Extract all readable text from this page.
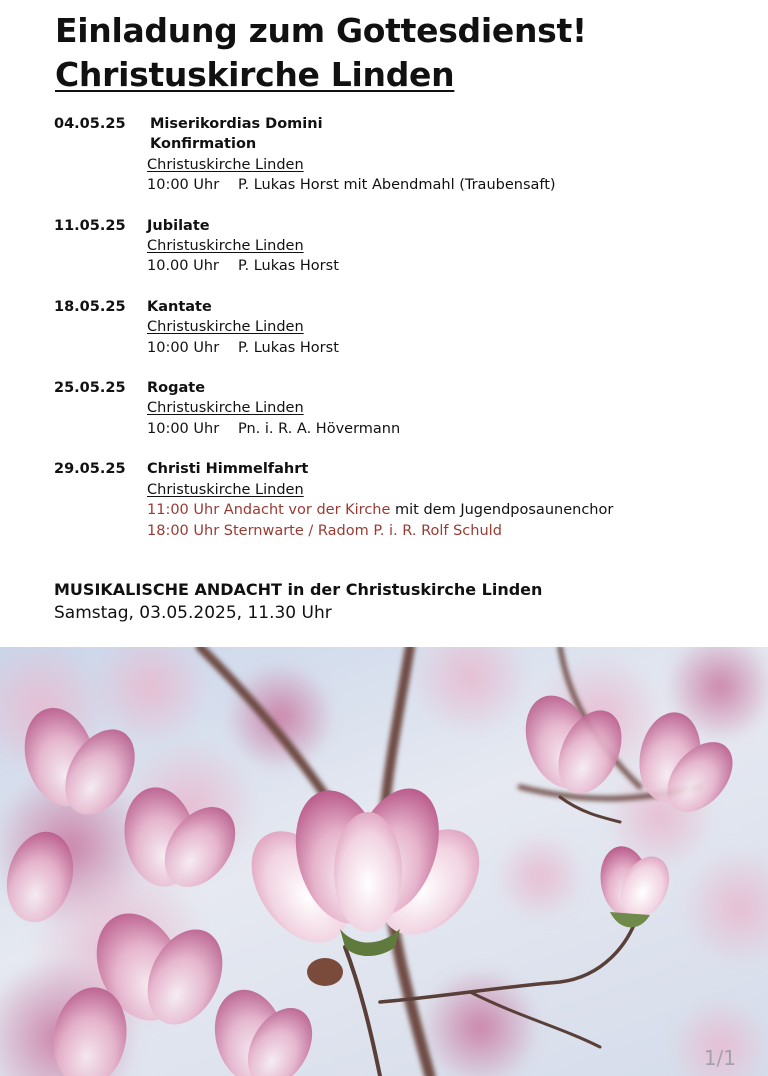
Einladung zum Gottesdienst!
Christuskirche Linden
04.05.25 Miserikordias Domini
Konfirmation
Christuskirche Linden
10:00 Uhr P. Lukas Horst mit Abendmahl (Traubensaft)
11.05.25 Jubilate
Christuskirche Linden
10.00 Uhr P. Lukas Horst
18.05.25 Kantate
Christuskirche Linden
10:00 Uhr P. Lukas Horst
25.05.25 Rogate
Christuskirche Linden
10:00 Uhr Pn. i. R. A. Hövermann
29.05.25 Christi Himmelfahrt
Christuskirche Linden
11:00 Uhr Andacht vor der Kirche mit dem Jugendposaunenchor
18:00 Uhr Sternwarte / Radom P. i. R. Rolf Schuld
MUSIKALISCHE ANDACHT in der Christuskirche Linden
Samstag, 03.05.2025, 11.30 Uhr
1/1
